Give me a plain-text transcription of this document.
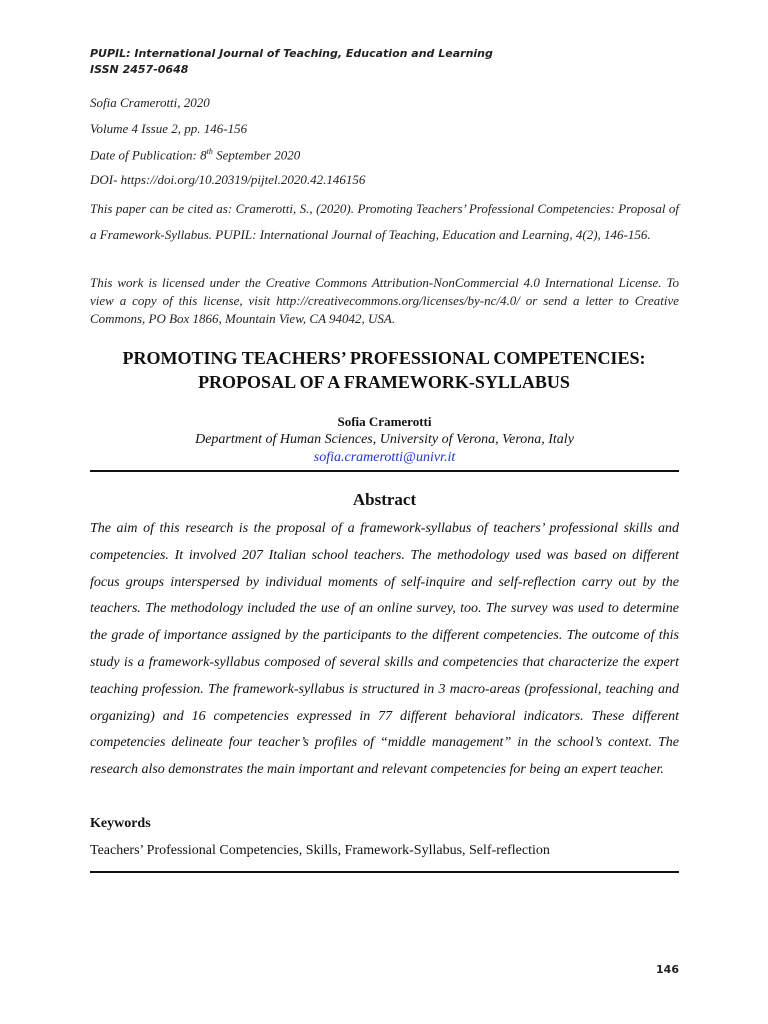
PUPIL: International Journal of Teaching, Education and Learning
ISSN 2457-0648
Sofia Cramerotti, 2020
Volume 4 Issue 2, pp. 146-156
Date of Publication: 8th September 2020
DOI- https://doi.org/10.20319/pijtel.2020.42.146156
This paper can be cited as: Cramerotti, S., (2020). Promoting Teachers’ Professional Competencies: Proposal of a Framework-Syllabus. PUPIL: International Journal of Teaching, Education and Learning, 4(2), 146-156.
This work is licensed under the Creative Commons Attribution-NonCommercial 4.0 International License. To view a copy of this license, visit http://creativecommons.org/licenses/by-nc/4.0/ or send a letter to Creative Commons, PO Box 1866, Mountain View, CA 94042, USA.
PROMOTING TEACHERS’ PROFESSIONAL COMPETENCIES:
PROPOSAL OF A FRAMEWORK-SYLLABUS
Sofia Cramerotti
Department of Human Sciences, University of Verona, Verona, Italy
sofia.cramerotti@univr.it
Abstract
The aim of this research is the proposal of a framework-syllabus of teachers’ professional skills and competencies. It involved 207 Italian school teachers. The methodology used was based on different focus groups interspersed by individual moments of self-inquire and self-reflection carry out by the teachers. The methodology included the use of an online survey, too. The survey was used to determine the grade of importance assigned by the participants to the different competencies. The outcome of this study is a framework-syllabus composed of several skills and competencies that characterize the expert teaching profession. The framework-syllabus is structured in 3 macro-areas (professional, teaching and organizing) and 16 competencies expressed in 77 different behavioral indicators. These different competencies delineate four teacher’s profiles of “middle management” in the school’s context. The research also demonstrates the main important and relevant competencies for being an expert teacher.
Keywords
Teachers’ Professional Competencies, Skills, Framework-Syllabus, Self-reflection
146
